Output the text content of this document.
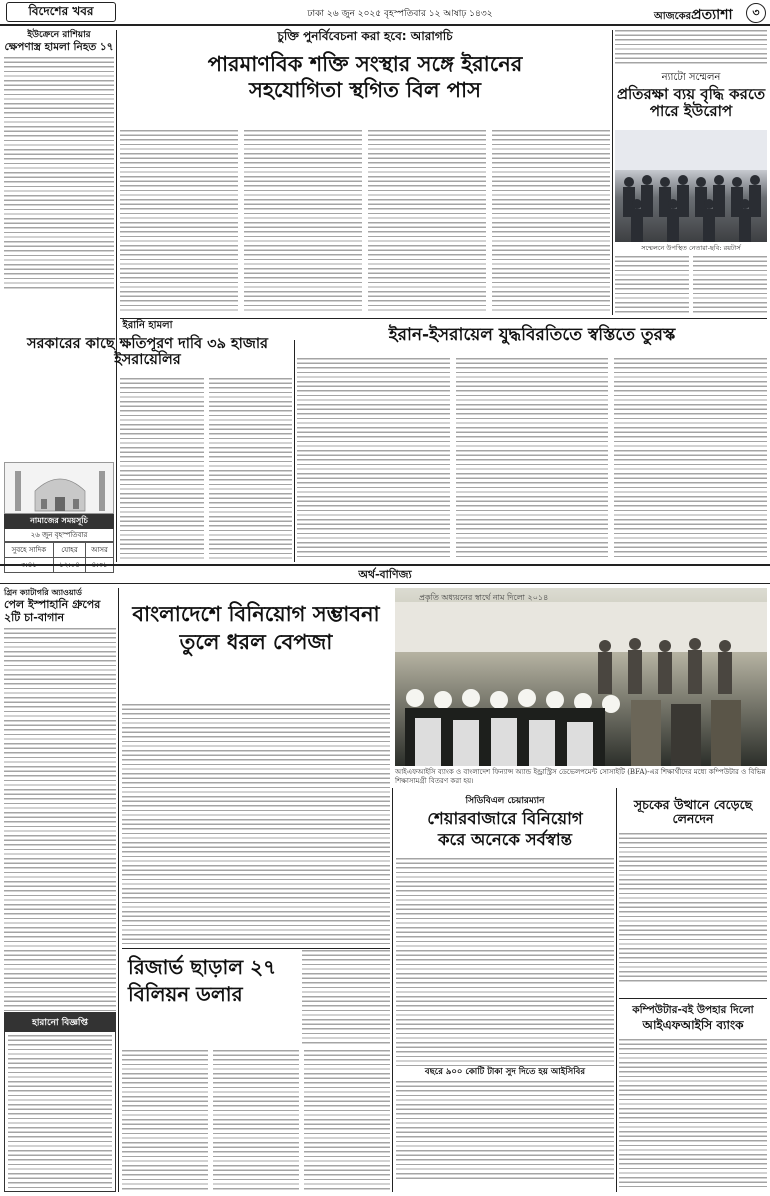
বিদেশের খবর	ঢাকা ২৬ জুন ২০২৫ বৃহস্পতিবার ১২ আষাঢ় ১৪৩২	আজকেরপ্রত্যাশা	৩
ইউক্রেনে রাশিয়ার
ক্ষেপণাস্ত্র হামলা নিহত ১৭
চুক্তি পুনর্বিবেচনা করা হবে: আরাগচি
পারমাণবিক শক্তি সংস্থার সঙ্গে ইরানের
সহযোগিতা স্থগিত বিল পাস
ন্যাটো সম্মেলন
প্রতিরক্ষা ব্যয় বৃদ্ধি করতে পারে ইউরোপ
সম্মেলনে উপস্থিত নেতারা-ছবি: রয়টার্স
ইরানি হামলা
সরকারের কাছে ক্ষতিপূরণ দাবি ৩৯ হাজার ইসরায়েলির
নামাজের সময়সূচি
২৬ জুন বৃহস্পতিবার
সুবহে সাদিক	যোহর	আসর
৩:৪১	১২:০৪	৪:৩১
ইরান-ইসরায়েল যুদ্ধবিরতিতে স্বস্তিতে তুরস্ক
অর্থ-বাণিজ্য
গ্রিন ক্যাটাগরি অ্যাওয়ার্ড
পেল ইস্পাহানি গ্রুপের ২টি চা-বাগান
হারানো বিজ্ঞপ্তি
বাংলাদেশে বিনিয়োগ সম্ভাবনা
তুলে ধরল বেপজা
প্রকৃতি অধ্যয়নের স্বার্থে নাম দিলো ২০১৪
আইএফআইসি ব্যাংক ও বাংলাদেশ ফিন্যান্স অ্যান্ড ইন্ড্রাস্ট্রিস ডেভেলপমেন্ট সোসাইটি (BFA)-এর শিক্ষার্থীদের মধ্যে কম্পিউটার ও বিভিন্ন শিক্ষাসামগ্রী বিতরণ করা হয়।
সিডিবিএল চেয়ারম্যান
শেয়ারবাজারে বিনিয়োগ
করে অনেকে সর্বস্বান্ত
বছরে ৯০০ কোটি টাকা সুদ দিতে হয় আইসিবির
সূচকের উত্থানে বেড়েছে লেনদেন
কম্পিউটার-বই উপহার দিলো
আইএফআইসি ব্যাংক
রিজার্ভ ছাড়াল ২৭
বিলিয়ন ডলার
